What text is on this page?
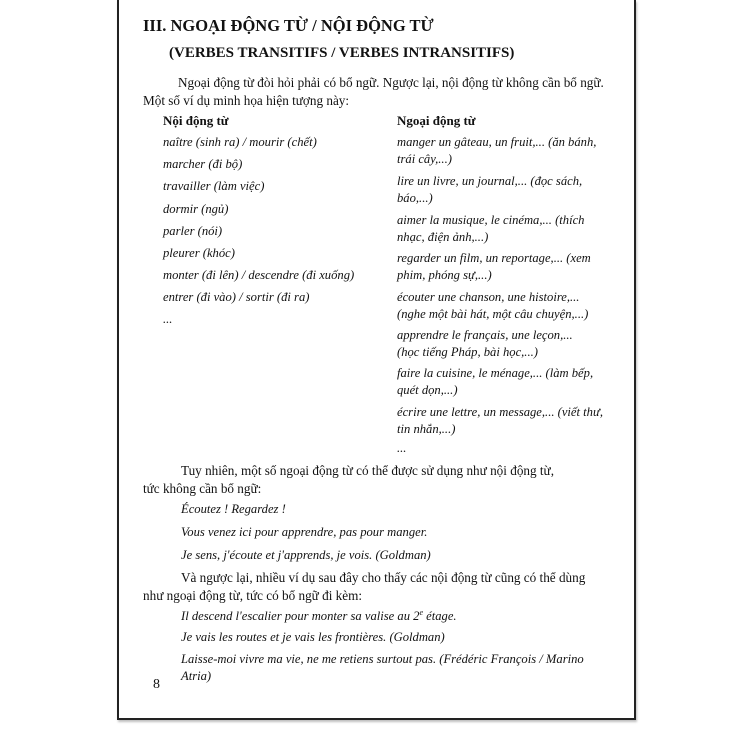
III. NGOẠI ĐỘNG TỪ / NỘI ĐỘNG TỪ
(VERBES TRANSITIFS / VERBES INTRANSITIFS)
Ngoại động từ đòi hỏi phải có bổ ngữ. Ngược lại, nội động từ không cần bổ ngữ.
Một số ví dụ minh họa hiện tượng này:
Nội động từ	Ngoại động từ
naître (sinh ra) / mourir (chết)
marcher (đi bộ)
travailler (làm việc)
dormir (ngủ)
parler (nói)
pleurer (khóc)
monter (đi lên) / descendre (đi xuống)
entrer (đi vào) / sortir (đi ra)
...
manger un gâteau, un fruit,... (ăn bánh,
trái cây,...)
lire un livre, un journal,... (đọc sách,
báo,...)
aimer la musique, le cinéma,... (thích
nhạc, điện ảnh,...)
regarder un film, un reportage,... (xem
phim, phóng sự,...)
écouter une chanson, une histoire,...
(nghe một bài hát, một câu chuyện,...)
apprendre le français, une leçon,...
(học tiếng Pháp, bài học,...)
faire la cuisine, le ménage,... (làm bếp,
quét dọn,...)
écrire une lettre, un message,... (viết thư,
tin nhắn,...)
...
Tuy nhiên, một số ngoại động từ có thể được sử dụng như nội động từ,
tức không cần bổ ngữ:
Écoutez ! Regardez !
Vous venez ici pour apprendre, pas pour manger.
Je sens, j'écoute et j'apprends, je vois. (Goldman)
Và ngược lại, nhiều ví dụ sau đây cho thấy các nội động từ cũng có thể dùng
như ngoại động từ, tức có bổ ngữ đi kèm:
Il descend l'escalier pour monter sa valise au 2e étage.
Je vais les routes et je vais les frontières. (Goldman)
Laisse-moi vivre ma vie, ne me retiens surtout pas. (Frédéric François / Marino
Atria)
8
